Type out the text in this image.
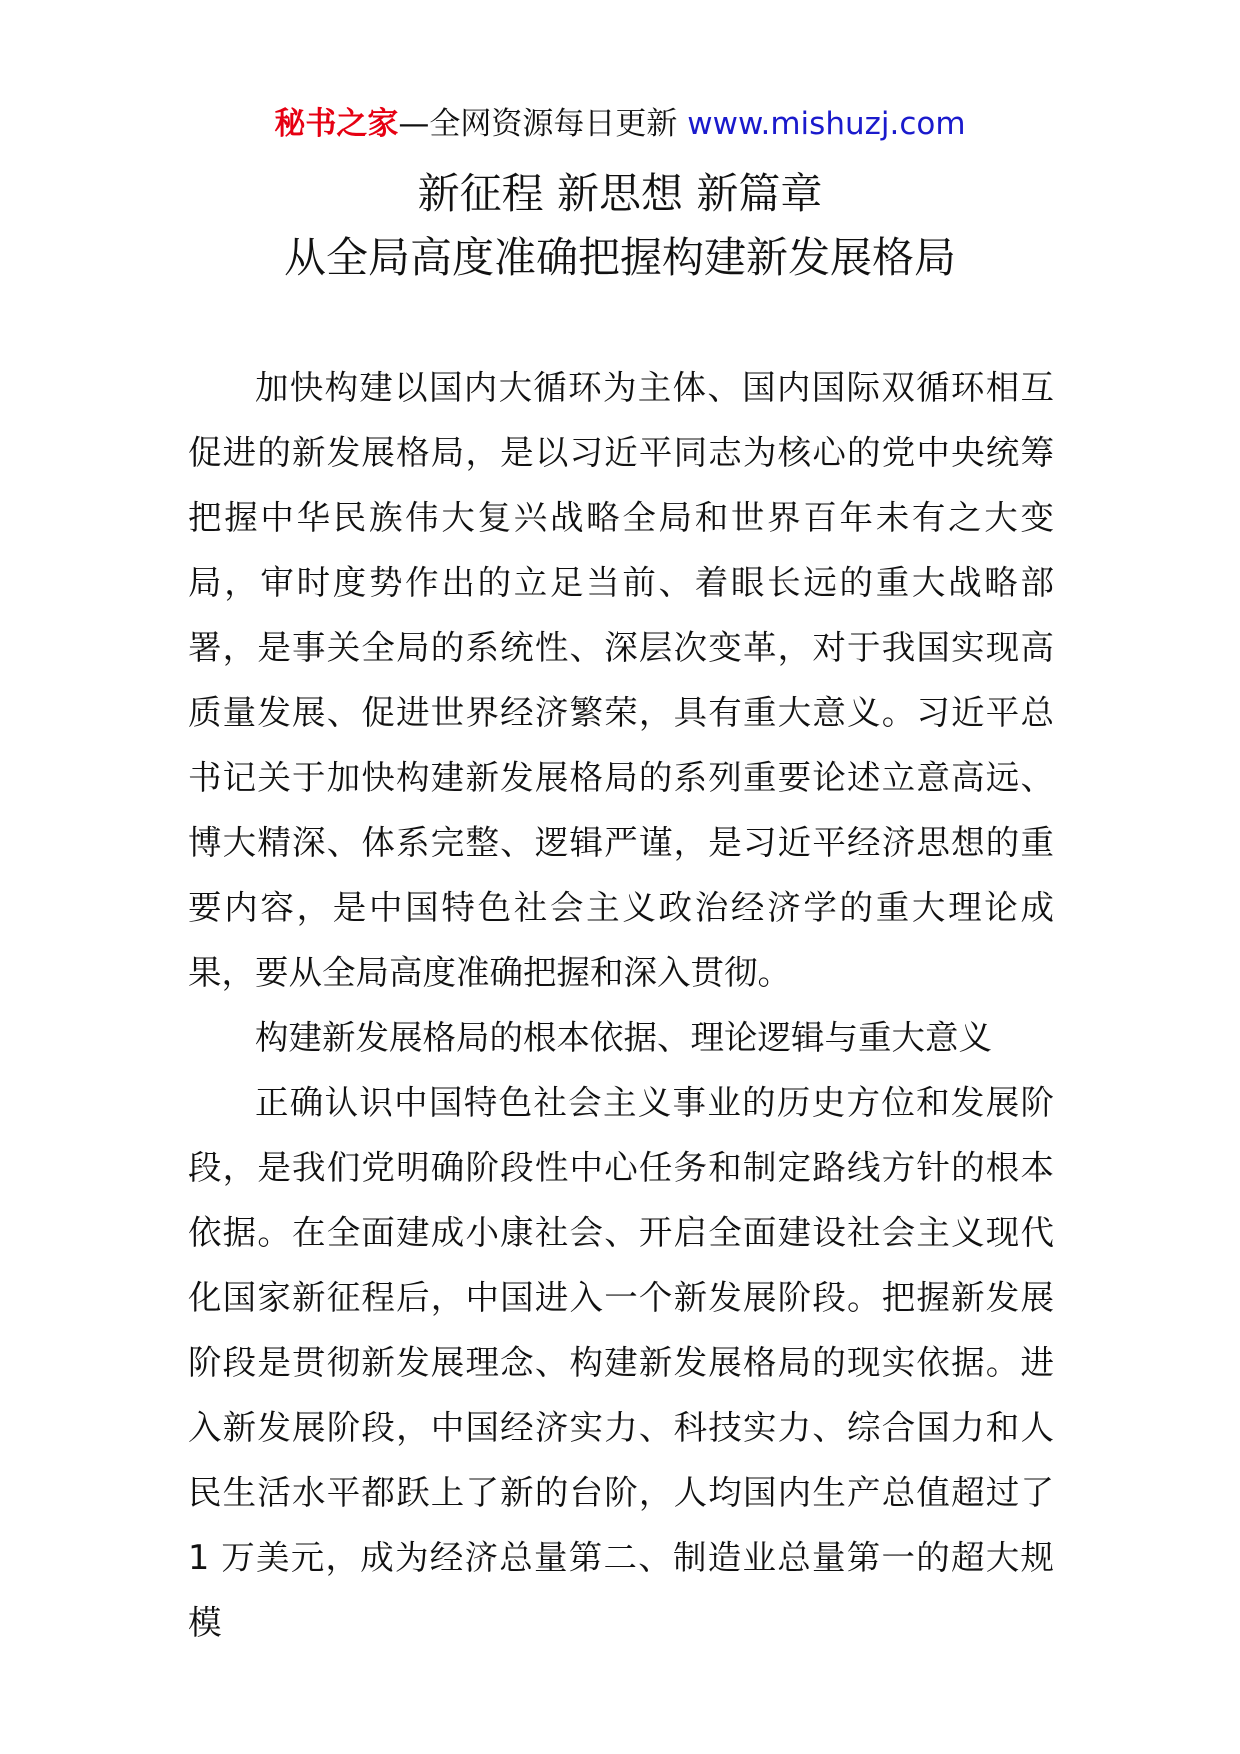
秘书之家—全网资源每日更新 www.mishuzj.com
新征程 新思想 新篇章
从全局高度准确把握构建新发展格局

加快构建以国内大循环为主体、国内国际双循环相互促进的新发展格局，是以习近平同志为核心的党中央统筹把握中华民族伟大复兴战略全局和世界百年未有之大变局，审时度势作出的立足当前、着眼长远的重大战略部署，是事关全局的系统性、深层次变革，对于我国实现高质量发展、促进世界经济繁荣，具有重大意义。习近平总书记关于加快构建新发展格局的系列重要论述立意高远、博大精深、体系完整、逻辑严谨，是习近平经济思想的重要内容，是中国特色社会主义政治经济学的重大理论成果，要从全局高度准确把握和深入贯彻。

构建新发展格局的根本依据、理论逻辑与重大意义

正确认识中国特色社会主义事业的历史方位和发展阶段，是我们党明确阶段性中心任务和制定路线方针的根本依据。在全面建成小康社会、开启全面建设社会主义现代化国家新征程后，中国进入一个新发展阶段。把握新发展阶段是贯彻新发展理念、构建新发展格局的现实依据。进入新发展阶段，中国经济实力、科技实力、综合国力和人民生活水平都跃上了新的台阶，人均国内生产总值超过了 1 万美元，成为经济总量第二、制造业总量第一的超大规模
